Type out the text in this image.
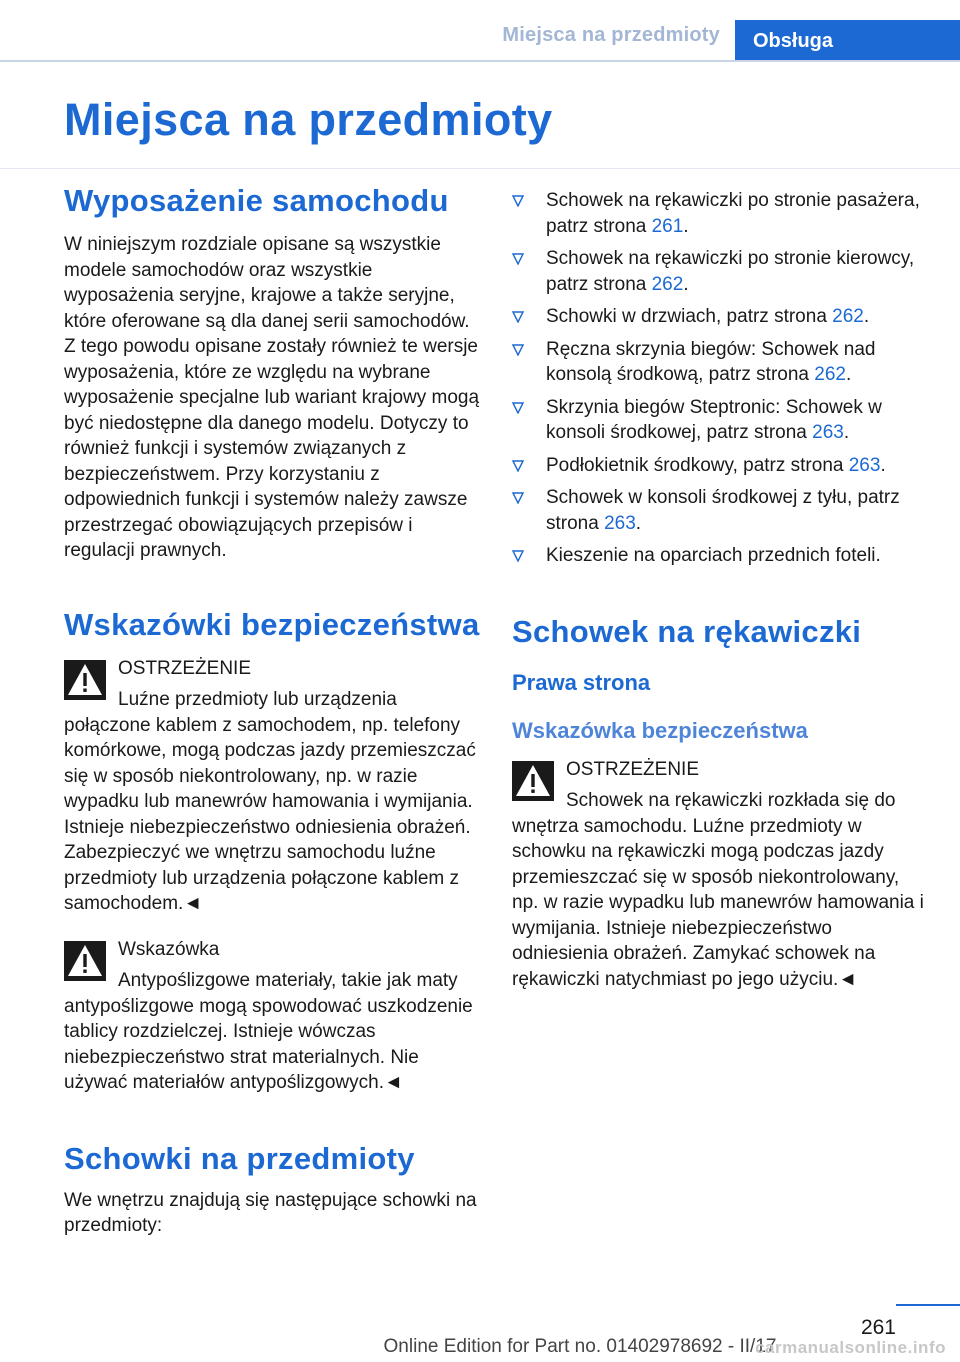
Miejsca na przedmioty	Obsługa
Miejsca na przedmioty
Wyposażenie samochodu

W niniejszym rozdziale opisane są wszystkie modele samochodów oraz wszystkie wyposażenia seryjne, krajowe a także seryjne, które oferowane są dla danej serii samochodów. Z tego powodu opisane zostały również te wersje wyposażenia, które ze względu na wybrane wyposażenie specjalne lub wariant krajowy mogą być niedostępne dla danego modelu. Dotyczy to również funkcji i systemów związanych z bezpieczeństwem. Przy korzystaniu z odpowiednich funkcji i systemów należy zawsze przestrzegać obowiązujących przepisów i regulacji prawnych.

Wskazówki bezpieczeństwa
OSTRZEŻENIE
Luźne przedmioty lub urządzenia połączone kablem z samochodem, np. telefony komórkowe, mogą podczas jazdy przemieszczać się w sposób niekontrolowany, np. w razie wypadku lub manewrów hamowania i wymijania. Istnieje niebezpieczeństwo odniesienia obrażeń. Zabezpieczyć we wnętrzu samochodu luźne przedmioty lub urządzenia połączone kablem z samochodem.◄
Wskazówka
Antypoślizgowe materiały, takie jak maty antypoślizgowe mogą spowodować uszkodzenie tablicy rozdzielczej. Istnieje wówczas niebezpieczeństwo strat materialnych. Nie używać materiałów antypoślizgowych.◄
Schowki na przedmioty

We wnętrzu znajdują się następujące schowki na przedmioty:

Schowek na rękawiczki po stronie pasażera, patrz strona 261.
Schowek na rękawiczki po stronie kierowcy, patrz strona 262.
Schowki w drzwiach, patrz strona 262.
Ręczna skrzynia biegów: Schowek nad konsolą środkową, patrz strona 262.
Skrzynia biegów Steptronic: Schowek w konsoli środkowej, patrz strona 263.
Podłokietnik środkowy, patrz strona 263.
Schowek w konsoli środkowej z tyłu, patrz strona 263.
Kieszenie na oparciach przednich foteli.
Schowek na rękawiczki
Prawa strona
Wskazówka bezpieczeństwa
OSTRZEŻENIE
Schowek na rękawiczki rozkłada się do wnętrza samochodu. Luźne przedmioty w schowku na rękawiczki mogą podczas jazdy przemieszczać się w sposób niekontrolowany, np. w razie wypadku lub manewrów hamowania i wymijania. Istnieje niebezpieczeństwo odniesienia obrażeń. Zamykać schowek na rękawiczki natychmiast po jego użyciu.◄
261
Online Edition for Part no. 01402978692 - II/17
carmanualsonline.info
